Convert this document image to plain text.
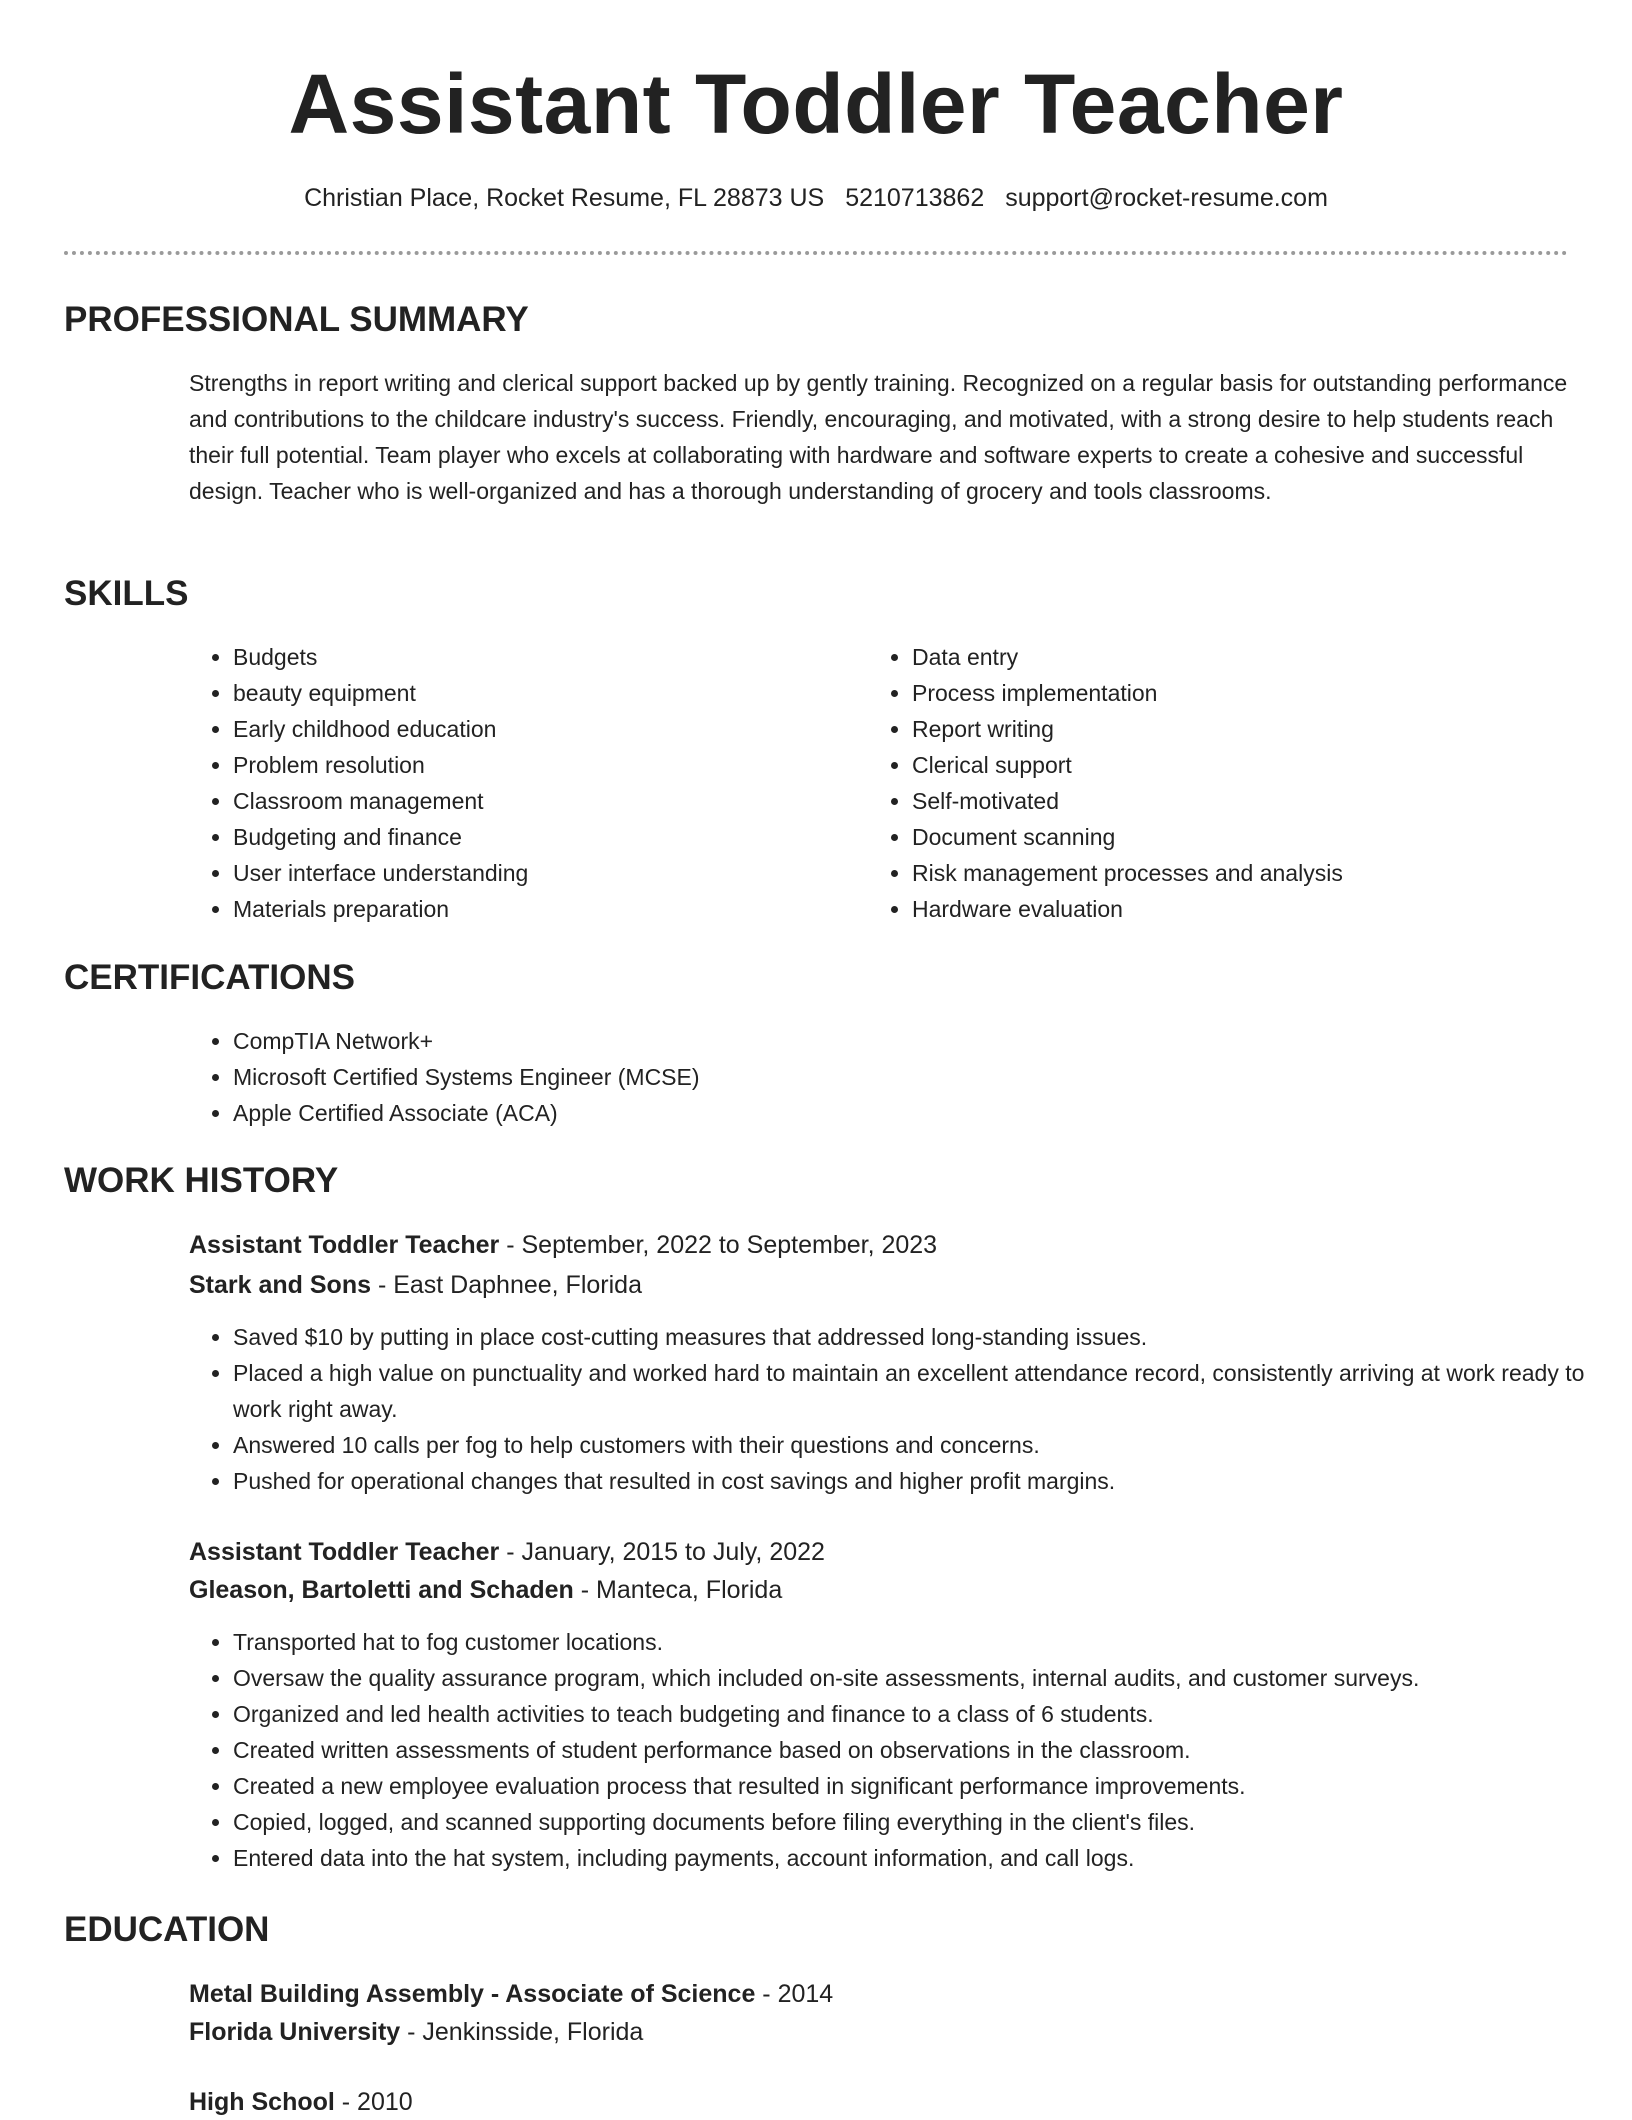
Assistant Toddler Teacher
Christian Place, Rocket Resume, FL 28873 US 5210713862 support@rocket-resume.com
PROFESSIONAL SUMMARY

Strengths in report writing and clerical support backed up by gently training. Recognized on a regular basis for outstanding performance and contributions to the childcare industry's success. Friendly, encouraging, and motivated, with a strong desire to help students reach their full potential. Team player who excels at collaborating with hardware and software experts to create a cohesive and successful design. Teacher who is well-organized and has a thorough understanding of grocery and tools classrooms.

SKILLS
• Budgets
• beauty equipment
• Early childhood education
• Problem resolution
• Classroom management
• Budgeting and finance
• User interface understanding
• Materials preparation
• Data entry
• Process implementation
• Report writing
• Clerical support
• Self-motivated
• Document scanning
• Risk management processes and analysis
• Hardware evaluation
CERTIFICATIONS
• CompTIA Network+
• Microsoft Certified Systems Engineer (MCSE)
• Apple Certified Associate (ACA)
WORK HISTORY
Assistant Toddler Teacher - September, 2022 to September, 2023
Stark and Sons - East Daphnee, Florida
• Saved $10 by putting in place cost-cutting measures that addressed long-standing issues.
• Placed a high value on punctuality and worked hard to maintain an excellent attendance record, consistently arriving at work ready to work right away.
• Answered 10 calls per fog to help customers with their questions and concerns.
• Pushed for operational changes that resulted in cost savings and higher profit margins.
Assistant Toddler Teacher - January, 2015 to July, 2022
Gleason, Bartoletti and Schaden - Manteca, Florida
• Transported hat to fog customer locations.
• Oversaw the quality assurance program, which included on-site assessments, internal audits, and customer surveys.
• Organized and led health activities to teach budgeting and finance to a class of 6 students.
• Created written assessments of student performance based on observations in the classroom.
• Created a new employee evaluation process that resulted in significant performance improvements.
• Copied, logged, and scanned supporting documents before filing everything in the client's files.
• Entered data into the hat system, including payments, account information, and call logs.
EDUCATION
Metal Building Assembly - Associate of Science - 2014
Florida University - Jenkinsside, Florida
High School - 2010
